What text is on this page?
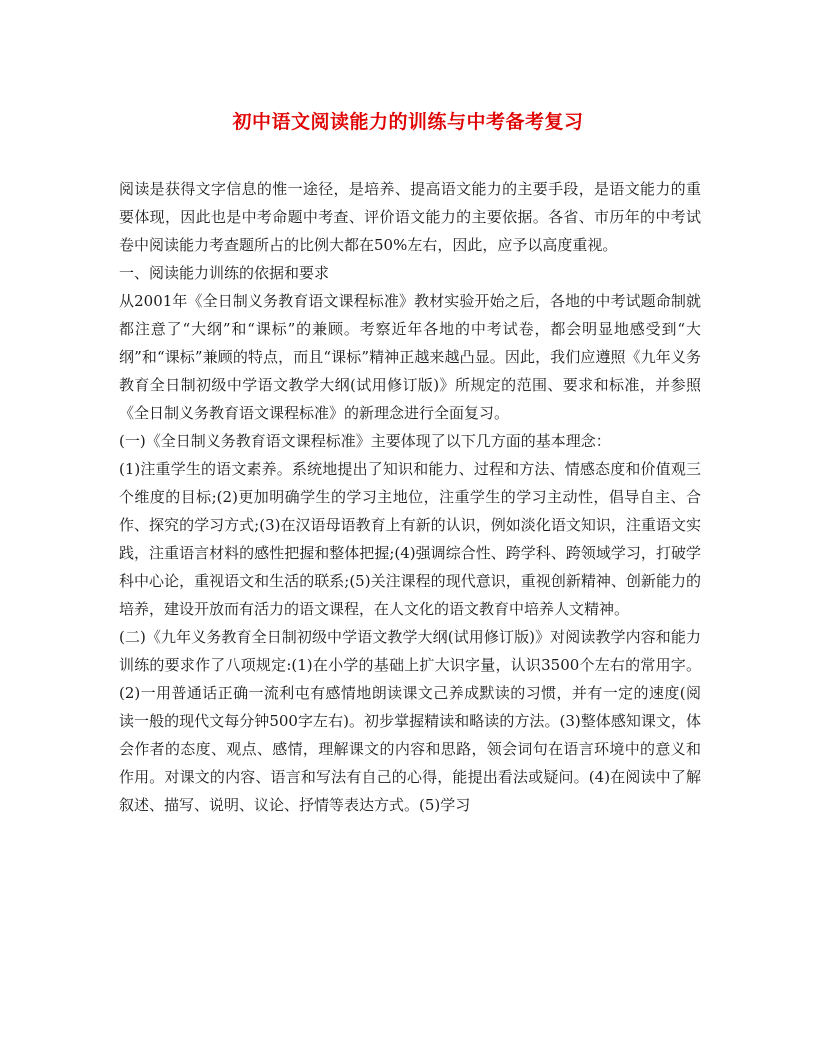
初中语文阅读能力的训练与中考备考复习

阅读是获得文字信息的惟一途径，是培养、提高语文能力的主要手段，是语文能力的重要体现，因此也是中考命题中考查、评价语文能力的主要依据。各省、市历年的中考试卷中阅读能力考查题所占的比例大都在50%左右，因此，应予以高度重视。

一、阅读能力训练的依据和要求

从2001年《全日制义务教育语文课程标准》教材实验开始之后，各地的中考试题命制就都注意了“大纲”和“课标”的兼顾。考察近年各地的中考试卷，都会明显地感受到“大纲”和“课标”兼顾的特点，而且“课标”精神正越来越凸显。因此，我们应遵照《九年义务教育全日制初级中学语文教学大纲(试用修订版)》所规定的范围、要求和标准，并参照《全日制义务教育语文课程标准》的新理念进行全面复习。

(一)《全日制义务教育语文课程标准》主要体现了以下几方面的基本理念：

(1)注重学生的语文素养。系统地提出了知识和能力、过程和方法、情感态度和价值观三个维度的目标;(2)更加明确学生的学习主地位，注重学生的学习主动性，倡导自主、合作、探究的学习方式;(3)在汉语母语教育上有新的认识，例如淡化语文知识，注重语文实践，注重语言材料的感性把握和整体把握;(4)强调综合性、跨学科、跨领域学习，打破学科中心论，重视语文和生活的联系;(5)关注课程的现代意识，重视创新精神、创新能力的培养，建设开放而有活力的语文课程，在人文化的语文教育中培养人文精神。

(二)《九年义务教育全日制初级中学语文教学大纲(试用修订版)》对阅读教学内容和能力训练的要求作了八项规定:(1)在小学的基础上扩大识字量，认识3500个左右的常用字。(2)一用普通话正确一流利屯有感情地朗读课文己养成默读的习惯，并有一定的速度(阅读一般的现代文每分钟500字左右)。初步掌握精读和略读的方法。(3)整体感知课文，体会作者的态度、观点、感情，理解课文的内容和思路，领会词句在语言环境中的意义和作用。对课文的内容、语言和写法有自己的心得，能提出看法或疑问。(4)在阅读中了解叙述、描写、说明、议论、抒情等表达方式。(5)学习
